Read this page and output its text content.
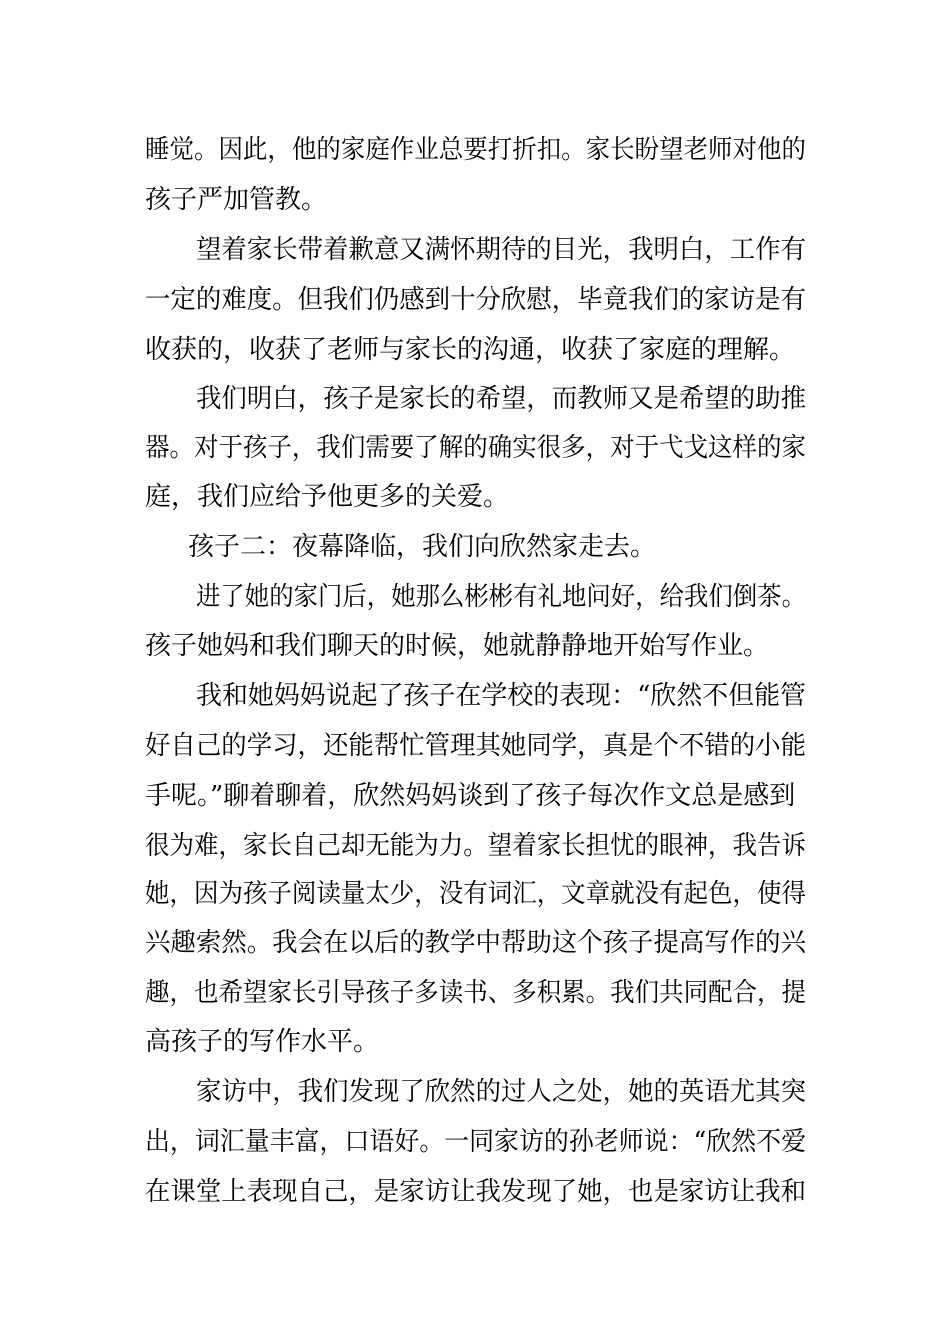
睡觉。因此，他的家庭作业总要打折扣。家长盼望老师对他的
孩子严加管教。
望着家长带着歉意又满怀期待的目光，我明白，工作有
一定的难度。但我们仍感到十分欣慰，毕竟我们的家访是有
收获的，收获了老师与家长的沟通，收获了家庭的理解。
我们明白，孩子是家长的希望，而教师又是希望的助推
器。对于孩子，我们需要了解的确实很多，对于弋戈这样的家
庭，我们应给予他更多的关爱。
孩子二：夜幕降临，我们向欣然家走去。
进了她的家门后，她那么彬彬有礼地问好，给我们倒茶。
孩子她妈和我们聊天的时候，她就静静地开始写作业。
我和她妈妈说起了孩子在学校的表现：“欣然不但能管
好自己的学习，还能帮忙管理其她同学，真是个不错的小能
手呢。”聊着聊着，欣然妈妈谈到了孩子每次作文总是感到
很为难，家长自己却无能为力。望着家长担忧的眼神，我告诉
她，因为孩子阅读量太少，没有词汇，文章就没有起色，使得
兴趣索然。我会在以后的教学中帮助这个孩子提高写作的兴
趣，也希望家长引导孩子多读书、多积累。我们共同配合，提
高孩子的写作水平。
家访中，我们发现了欣然的过人之处，她的英语尤其突
出，词汇量丰富，口语好。一同家访的孙老师说：“欣然不爱
在课堂上表现自己，是家访让我发现了她，也是家访让我和
